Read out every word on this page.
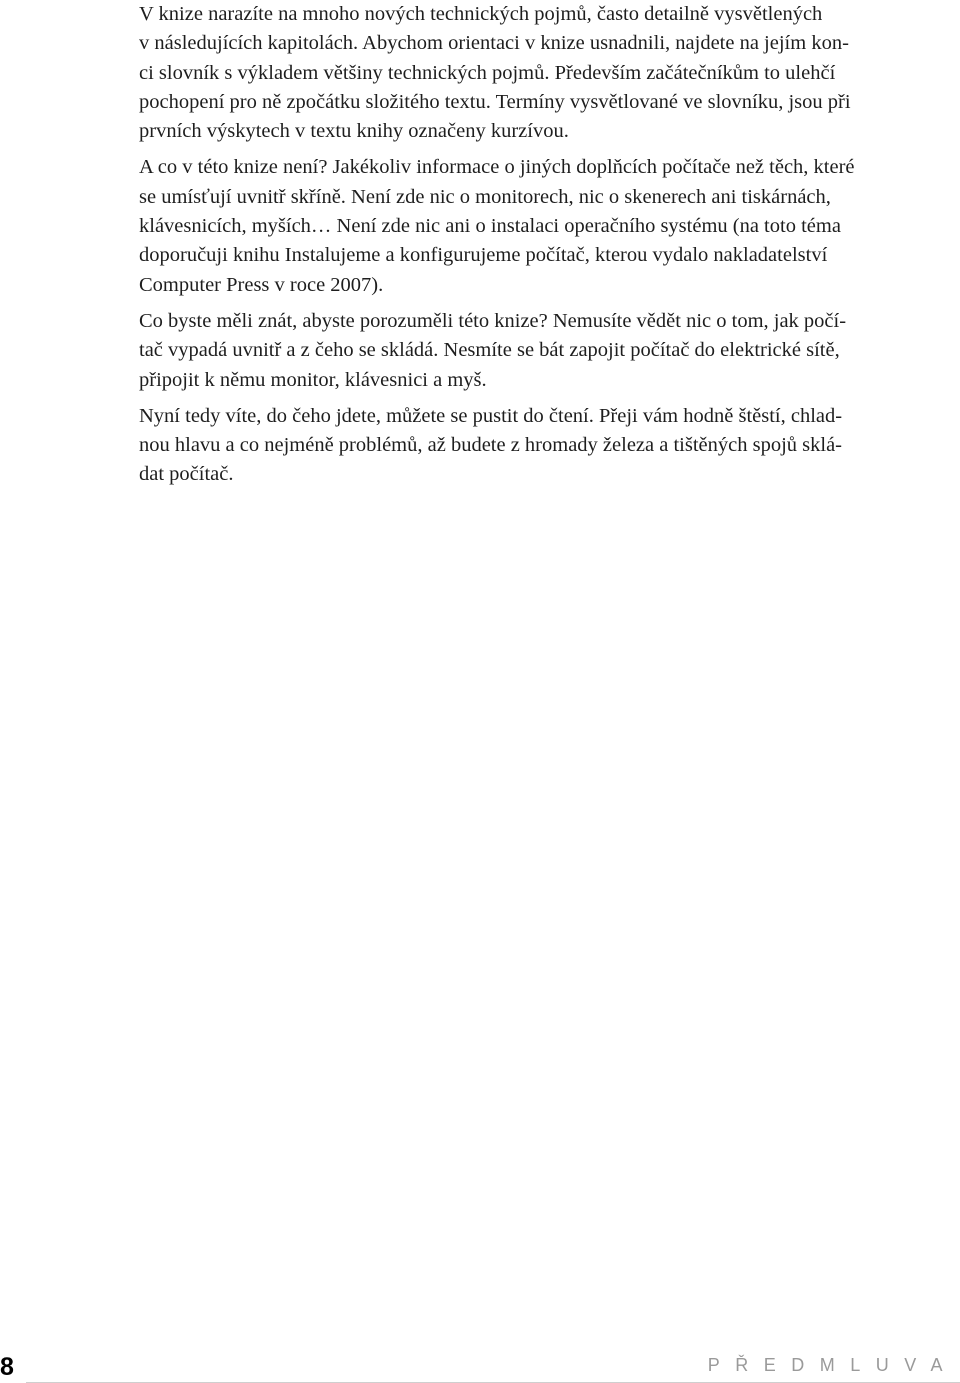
V knize narazíte na mnoho nových technických pojmů, často detailně vysvětlených
v následujících kapitolách. Abychom orientaci v knize usnadnili, najdete na jejím kon-
ci slovník s výkladem většiny technických pojmů. Především začátečníkům to ulehčí
pochopení pro ně zpočátku složitého textu. Termíny vysvětlované ve slovníku, jsou při
prvních výskytech v textu knihy označeny kurzívou.

A co v této knize není? Jakékoliv informace o jiných doplňcích počítače než těch, které
se umísťují uvnitř skříně. Není zde nic o monitorech, nic o skenerech ani tiskárnách,
klávesnicích, myších… Není zde nic ani o instalaci operačního systému (na toto téma
doporučuji knihu Instalujeme a konfigurujeme počítač, kterou vydalo nakladatelství
Computer Press v roce 2007).

Co byste měli znát, abyste porozuměli této knize? Nemusíte vědět nic o tom, jak počí-
tač vypadá uvnitř a z čeho se skládá. Nesmíte se bát zapojit počítač do elektrické sítě,
připojit k němu monitor, klávesnici a myš.

Nyní tedy víte, do čeho jdete, můžete se pustit do čtení. Přeji vám hodně štěstí, chlad-
nou hlavu a co nejméně problémů, až budete z hromady železa a tištěných spojů sklá-
dat počítač.

8	PŘEDMLUVA
